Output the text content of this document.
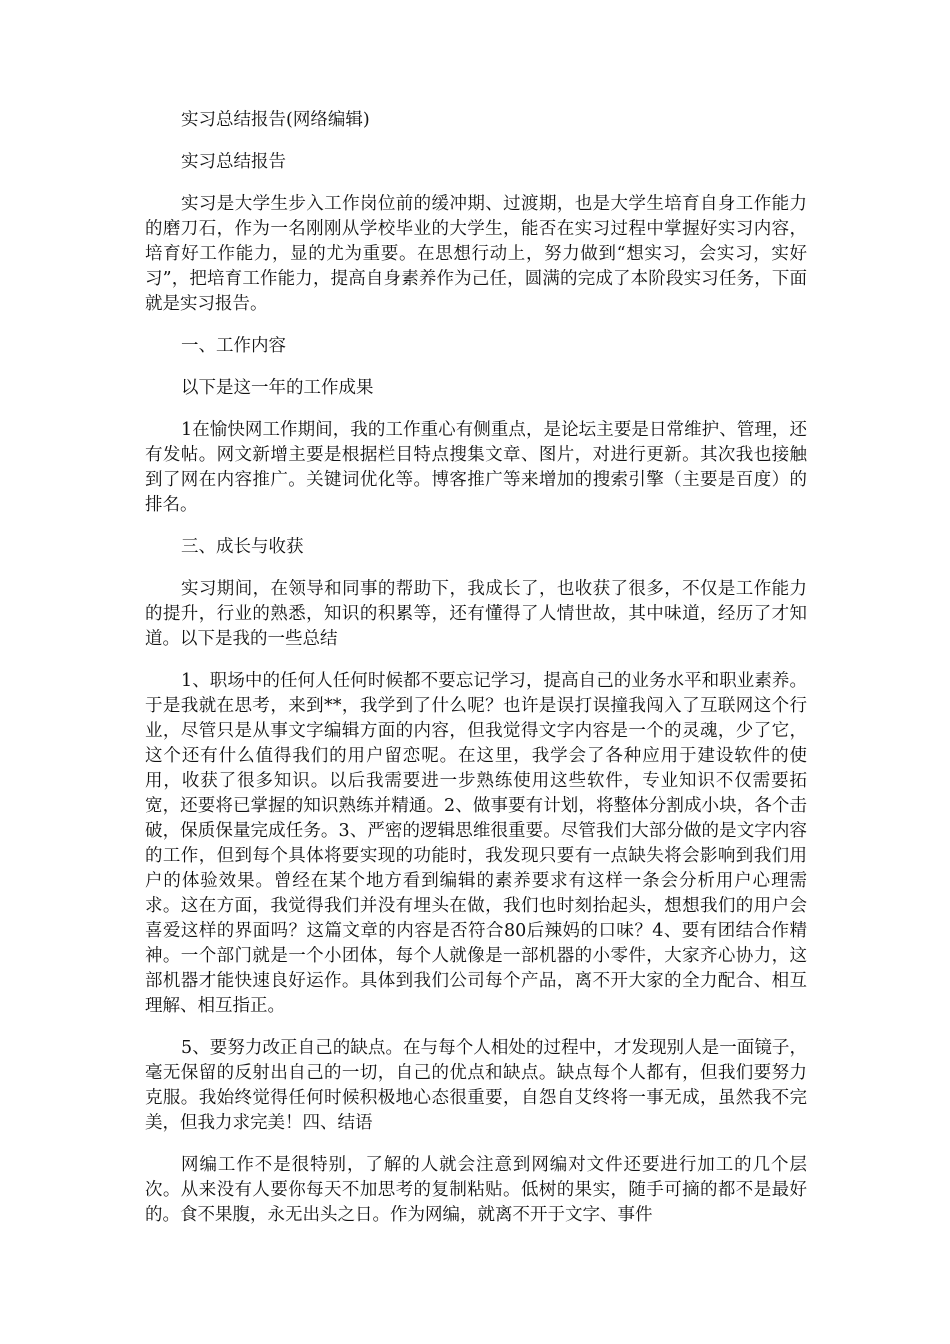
实习总结报告(网络编辑)

实习总结报告

实习是大学生步入工作岗位前的缓冲期、过渡期，也是大学生培育自身工作能力的磨刀石，作为一名刚刚从学校毕业的大学生，能否在实习过程中掌握好实习内容，培育好工作能力，显的尤为重要。在思想行动上，努力做到“想实习，会实习，实好习”，把培育工作能力，提高自身素养作为己任，圆满的完成了本阶段实习任务，下面就是实习报告。

一、工作内容

以下是这一年的工作成果

1在愉快网工作期间，我的工作重心有侧重点，是论坛主要是日常维护、管理，还有发帖。网文新增主要是根据栏目特点搜集文章、图片，对进行更新。其次我也接触到了网在内容推广。关键词优化等。博客推广等来增加的搜索引擎（主要是百度）的排名。

三、成长与收获

实习期间，在领导和同事的帮助下，我成长了，也收获了很多，不仅是工作能力的提升，行业的熟悉，知识的积累等，还有懂得了人情世故，其中味道，经历了才知道。以下是我的一些总结

1、职场中的任何人任何时候都不要忘记学习，提高自己的业务水平和职业素养。于是我就在思考，来到**，我学到了什么呢？也许是误打误撞我闯入了互联网这个行业，尽管只是从事文字编辑方面的内容，但我觉得文字内容是一个的灵魂，少了它，这个还有什么值得我们的用户留恋呢。在这里，我学会了各种应用于建设软件的使用，收获了很多知识。以后我需要进一步熟练使用这些软件，专业知识不仅需要拓宽，还要将已掌握的知识熟练并精通。2、做事要有计划，将整体分割成小块，各个击破，保质保量完成任务。3、严密的逻辑思维很重要。尽管我们大部分做的是文字内容的工作，但到每个具体将要实现的功能时，我发现只要有一点缺失将会影响到我们用户的体验效果。曾经在某个地方看到编辑的素养要求有这样一条会分析用户心理需求。这在方面，我觉得我们并没有埋头在做，我们也时刻抬起头，想想我们的用户会喜爱这样的界面吗？这篇文章的内容是否符合80后辣妈的口味？4、要有团结合作精神。一个部门就是一个小团体，每个人就像是一部机器的小零件，大家齐心协力，这部机器才能快速良好运作。具体到我们公司每个产品，离不开大家的全力配合、相互理解、相互指正。

5、要努力改正自己的缺点。在与每个人相处的过程中，才发现别人是一面镜子，毫无保留的反射出自己的一切，自己的优点和缺点。缺点每个人都有，但我们要努力克服。我始终觉得任何时候积极地心态很重要，自怨自艾终将一事无成，虽然我不完美，但我力求完美！四、结语

网编工作不是很特别，了解的人就会注意到网编对文件还要进行加工的几个层次。从来没有人要你每天不加思考的复制粘贴。低树的果实，随手可摘的都不是最好的。食不果腹，永无出头之日。作为网编，就离不开于文字、事件
